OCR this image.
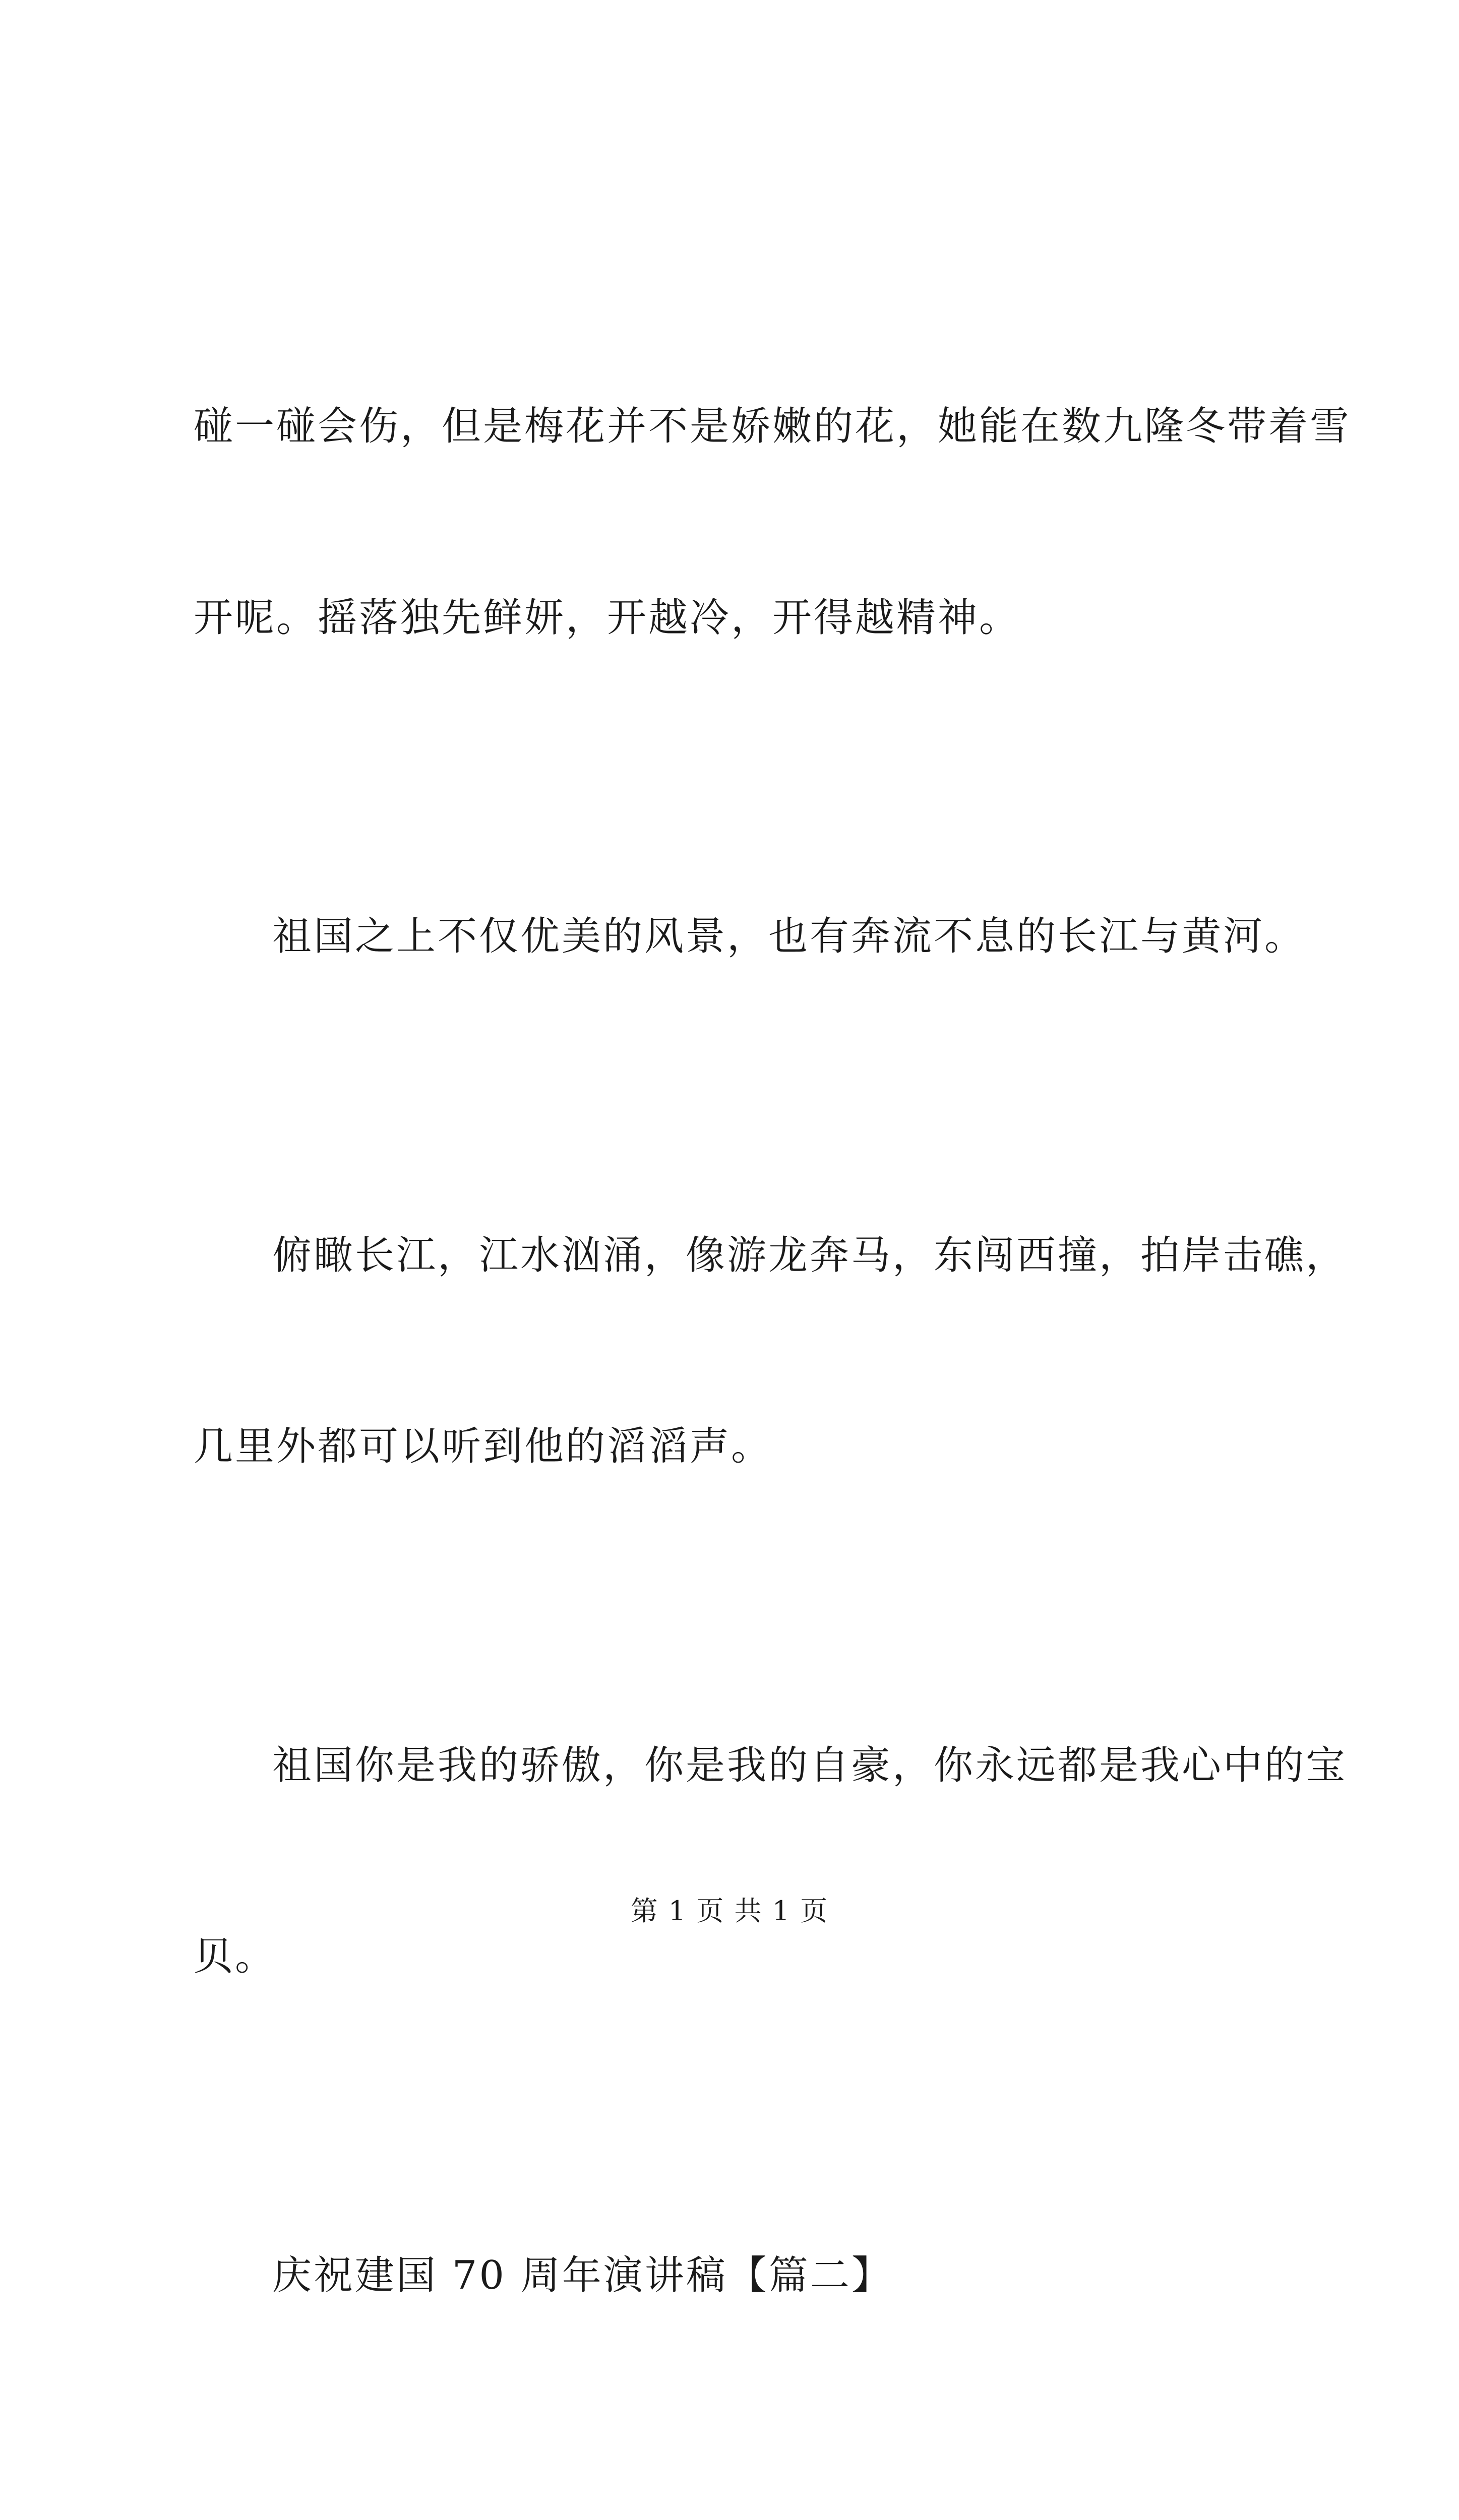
碰一碰会伤，但是梅花并不是娇嫩的花，她能在数九隆冬带着雪

开呢。摇落独先鲜妍，开越冷，开得越精神。

祖国之上不仅优美的风景，也有奔流不息的长江与黄河。

俯瞰长江，江水汹涌，像游龙奔马，东闯西撞，拍岸击礁，

几里外都可以听到他的滔滔声。

祖国你是我的骄傲，你是我的自豪，你永远都是我心中的宝

贝。

庆祝建国 70 周年演讲稿【篇二】

第 1 页 共 1 页
